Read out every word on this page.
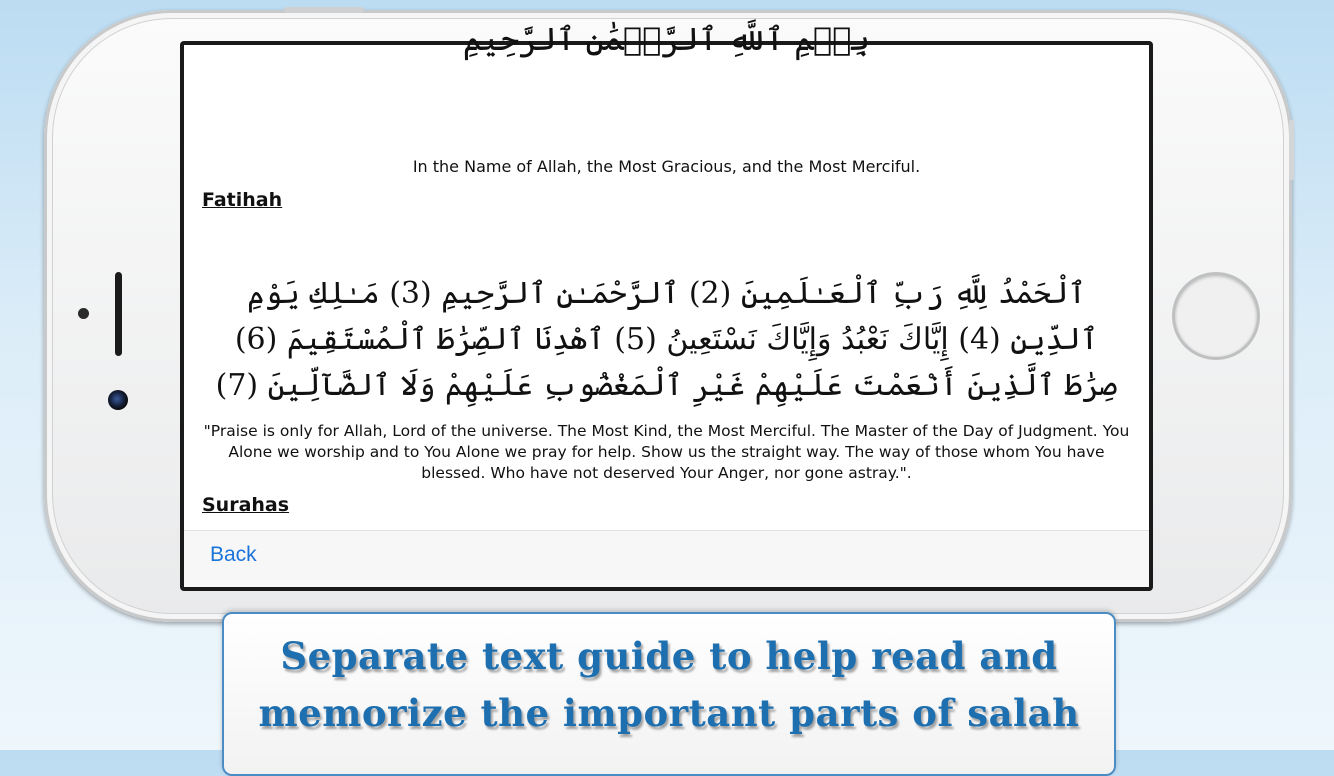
بِسۡمِ ٱللَّهِ ٱلرَّحۡمَٰنِ ٱلرَّحِيمِ
In the Name of Allah, the Most Gracious, and the Most Merciful.
Fatihah
ٱلْحَمْدُ لِلَّهِ رَبِّ ٱلْعَـٰلَمِينَ (2) ٱلرَّحْمَـٰنِ ٱلرَّحِيمِ (3) مَـٰلِكِ يَوْمِ ٱلدِّينِ (4) إِيَّاكَ نَعْبُدُ وَإِيَّاكَ نَسْتَعِينُ (5) ٱهْدِنَا ٱلصِّرَٰطَ ٱلْمُسْتَقِيمَ (6) صِرَٰطَ ٱلَّذِينَ أَنْعَمْتَ عَلَيْهِمْ غَيْرِ ٱلْمَغْضُوبِ عَلَيْهِمْ وَلَا ٱلضَّآلِّينَ (7)
"Praise is only for Allah, Lord of the universe. The Most Kind, the Most Merciful. The Master of the Day of Judgment. You Alone we worship and to You Alone we pray for help. Show us the straight way. The way of those whom You have blessed. Who have not deserved Your Anger, nor gone astray.".
Surahas
Back
Separate text guide to help read and
memorize the important parts of salah
